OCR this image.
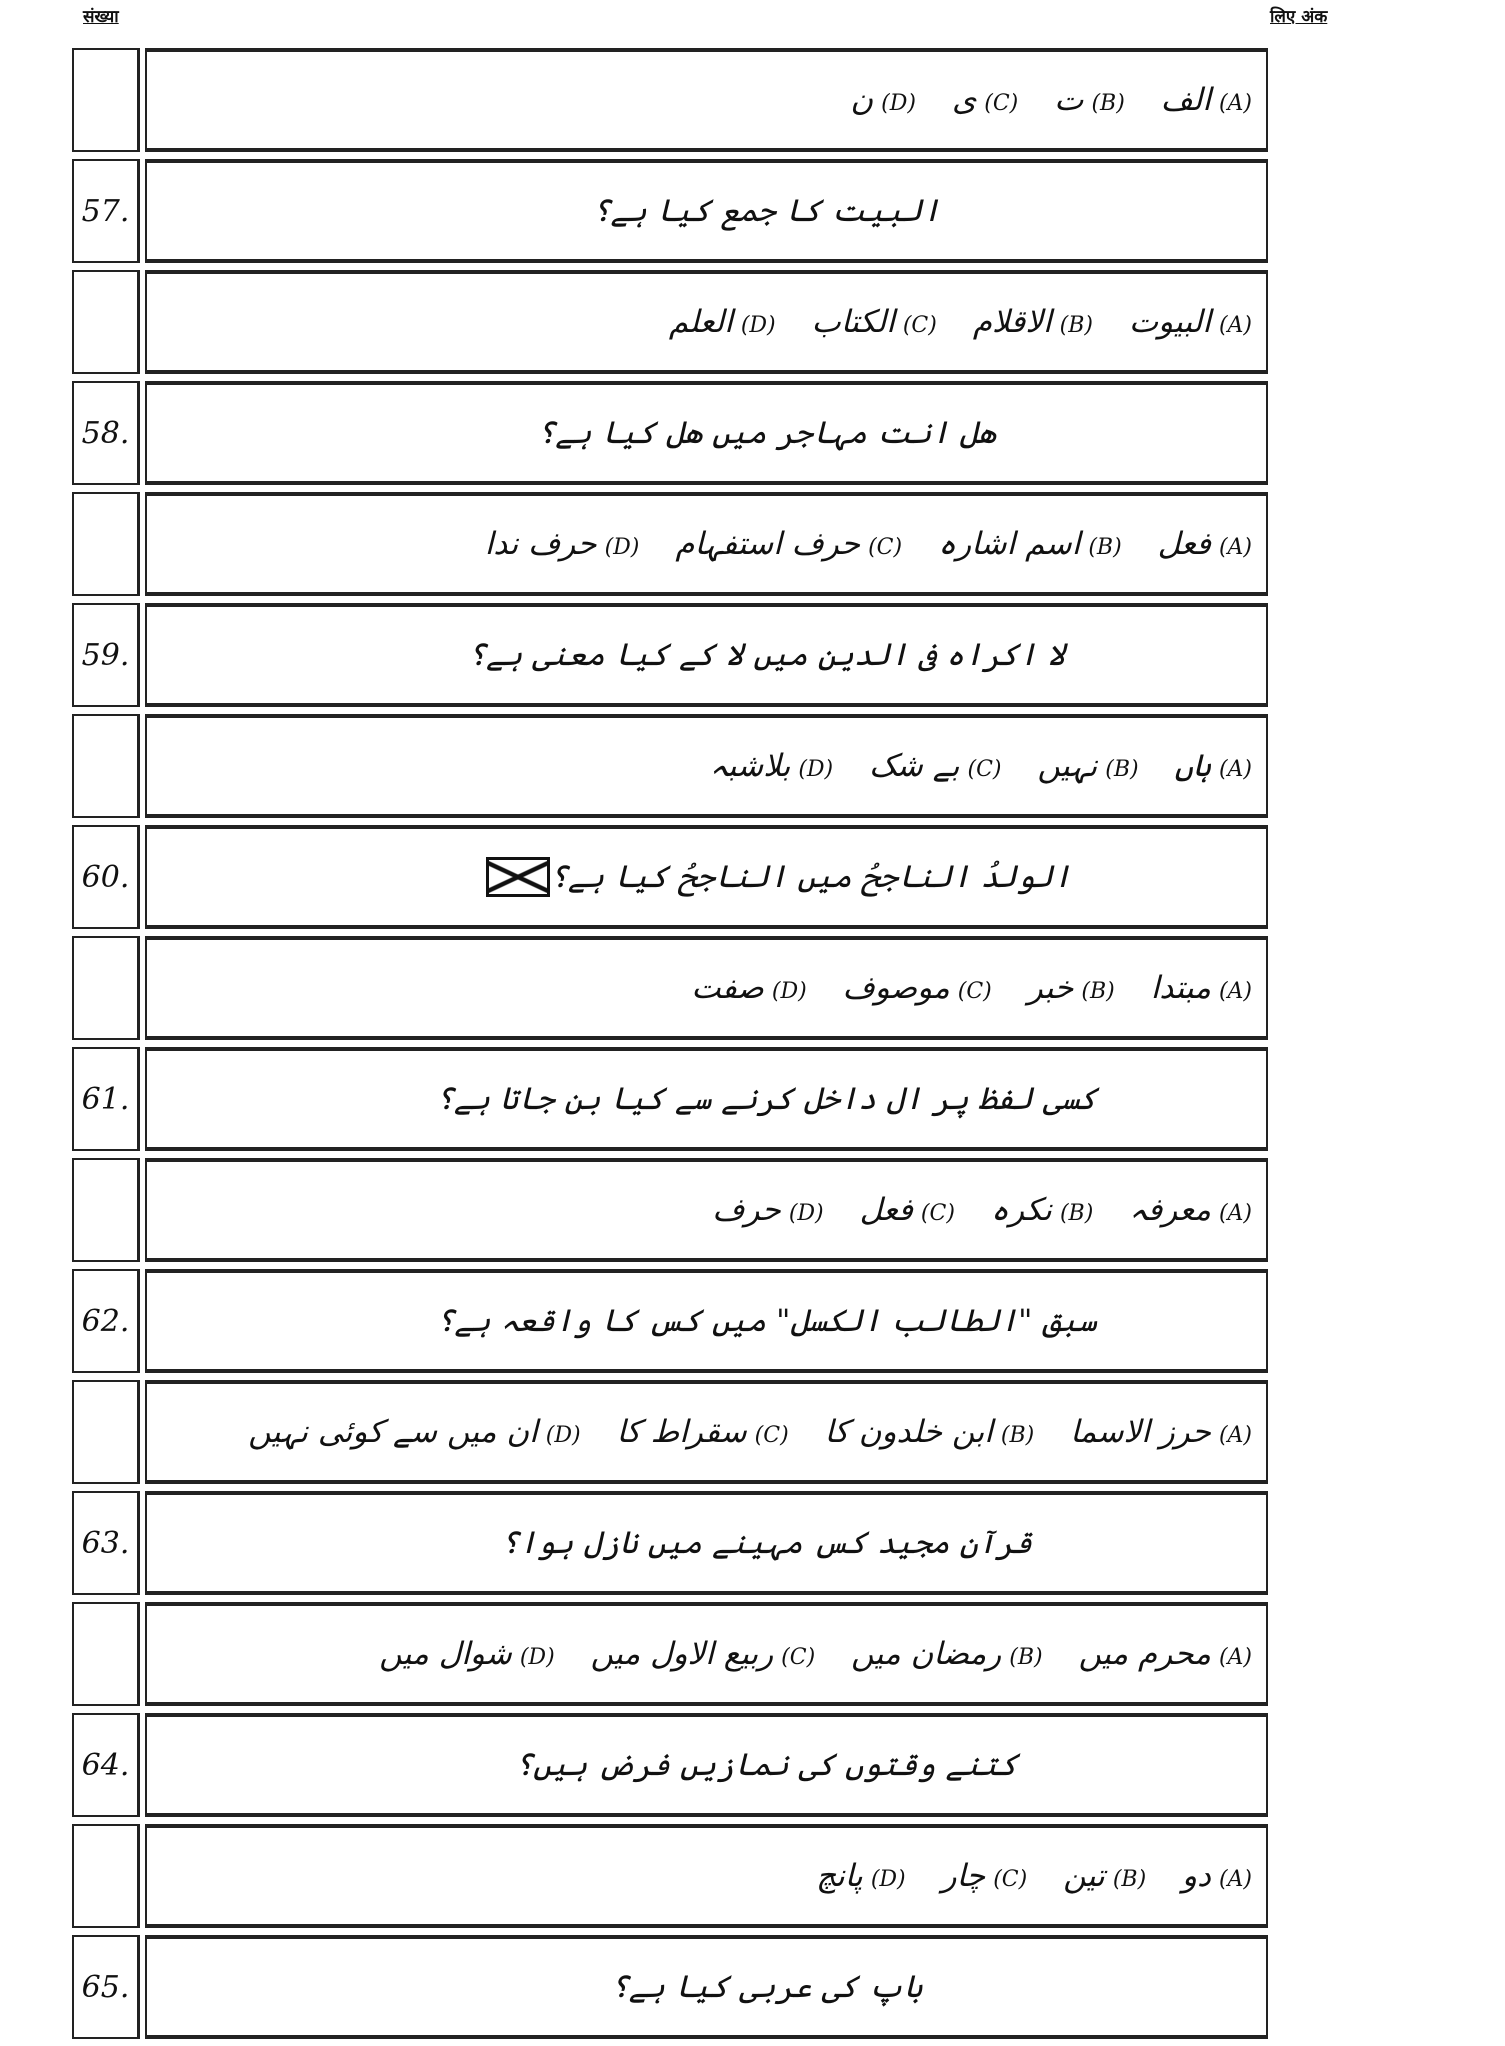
संख्या	लिए अंक
(A)الف
(B)ت
(C)ی
(D)ن
57.	البیت کا جمع کیا ہے؟
(A)البیوت
(B)الاقلام
(C)الکتاب
(D)العلم
58.	ھل انت مہاجر میں ھل کیا ہے؟
(A)فعل
(B)اسم اشارہ
(C)حرف استفہام
(D)حرف ندا
59.	لا اکراہ فی الدین میں لا کے کیا معنی ہے؟
(A)ہاں
(B)نہیں
(C)بے شک
(D)بلاشبہ
60.	الولدُ الناجحُ میں الناجحُ کیا ہے؟
(A)مبتدا
(B)خبر
(C)موصوف
(D)صفت
61.	کسی لفظ پر ال داخل کرنے سے کیا بن جاتا ہے؟
(A)معرفہ
(B)نکرہ
(C)فعل
(D)حرف
62.	سبق "الطالب الکسل" میں کس کا واقعہ ہے؟
(A)حرز الاسما
(B)ابن خلدون کا
(C)سقراط کا
(D)ان میں سے کوئی نہیں
63.	قرآن مجید کس مہینے میں نازل ہوا؟
(A)محرم میں
(B)رمضان میں
(C)ربیع الاول میں
(D)شوال میں
64.	کتنے وقتوں کی نمازیں فرض ہیں؟
(A)دو
(B)تین
(C)چار
(D)پانچ
65.	باپ کی عربی کیا ہے؟
